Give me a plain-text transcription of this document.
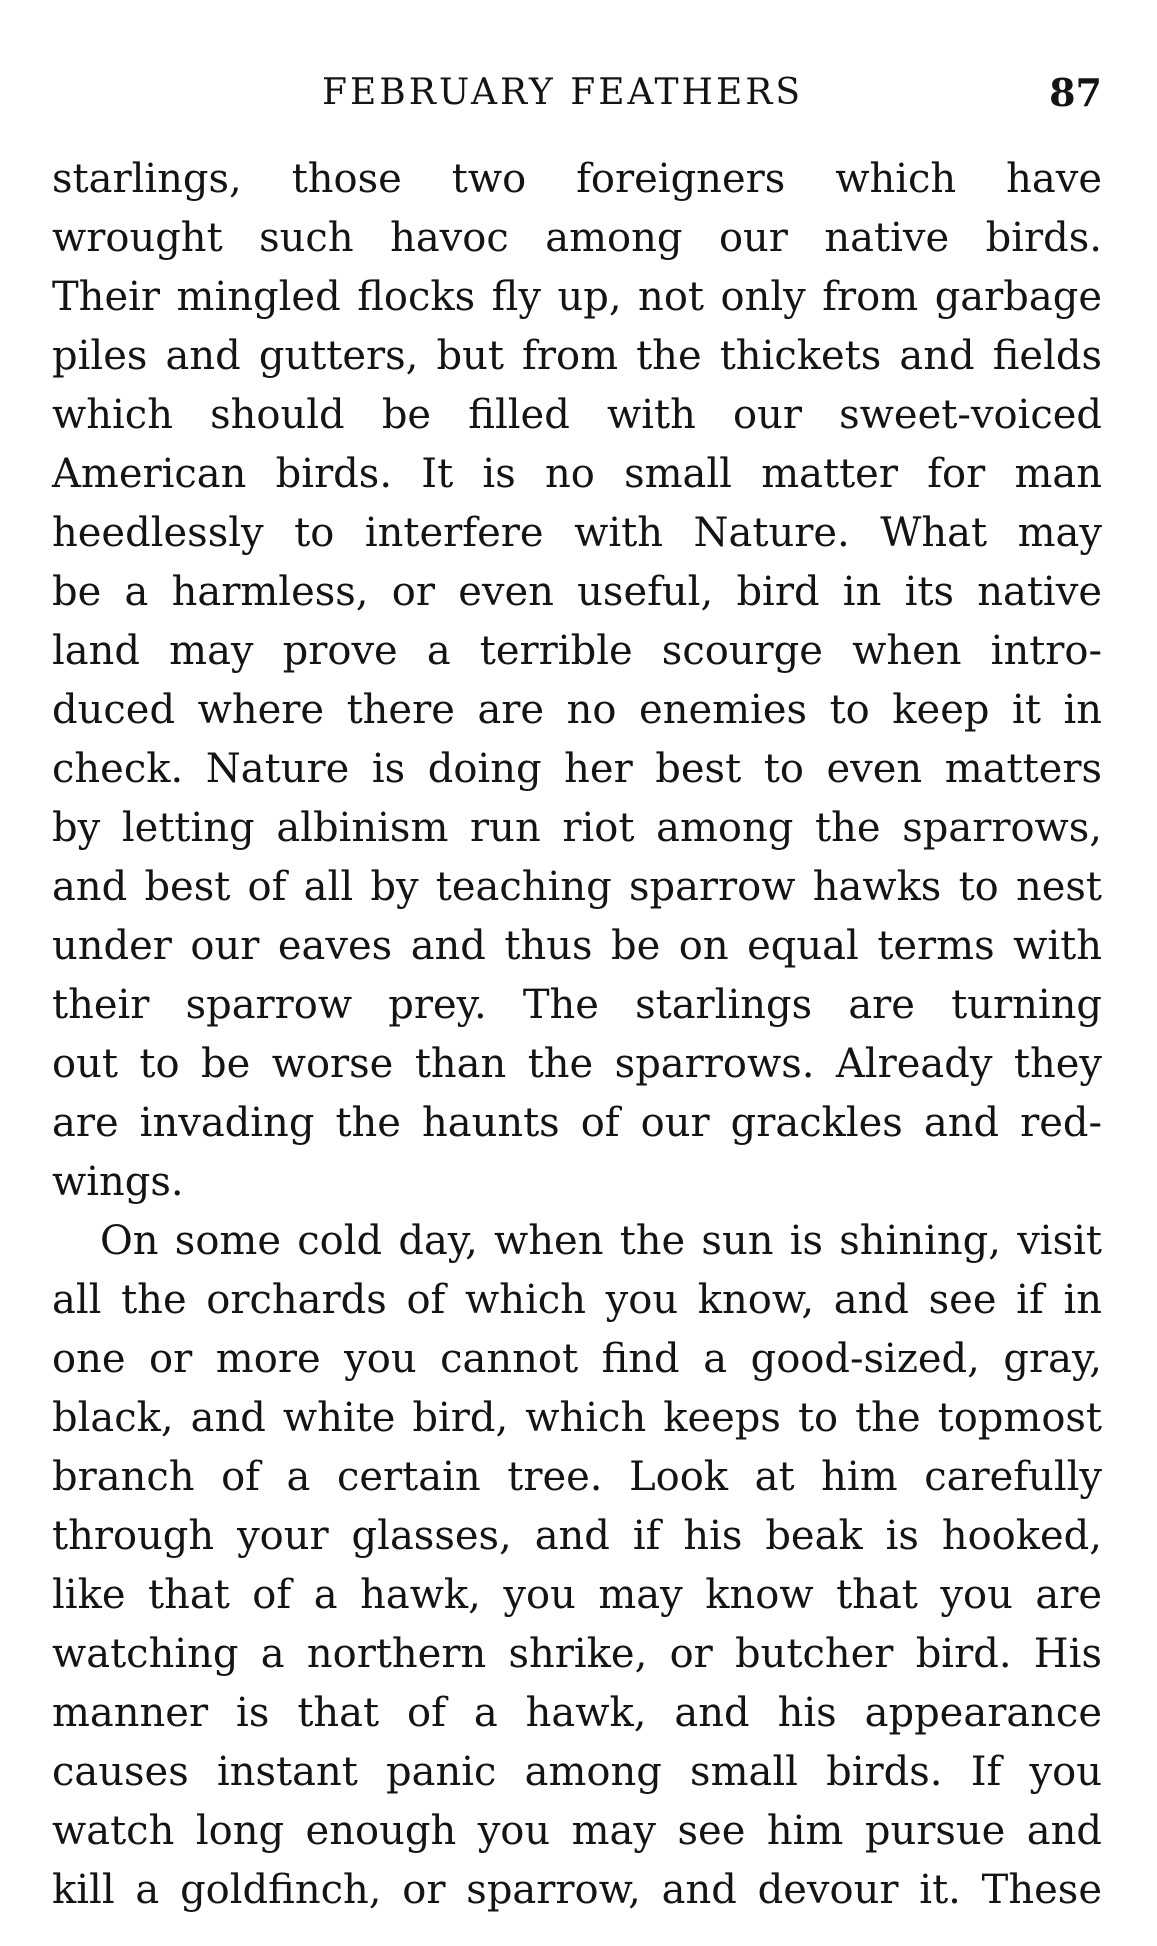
FEBRUARY FEATHERS	87
starlings, those two foreigners which have
wrought such havoc among our native birds.
Their mingled flocks fly up, not only from garbage
piles and gutters, but from the thickets and fields
which should be filled with our sweet-voiced
American birds. It is no small matter for man
heedlessly to interfere with Nature. What may
be a harmless, or even useful, bird in its native
land may prove a terrible scourge when intro-
duced where there are no enemies to keep it in
check. Nature is doing her best to even matters
by letting albinism run riot among the sparrows,
and best of all by teaching sparrow hawks to nest
under our eaves and thus be on equal terms with
their sparrow prey. The starlings are turning
out to be worse than the sparrows. Already they
are invading the haunts of our grackles and red-
wings.
On some cold day, when the sun is shining, visit
all the orchards of which you know, and see if in
one or more you cannot find a good-sized, gray,
black, and white bird, which keeps to the topmost
branch of a certain tree. Look at him carefully
through your glasses, and if his beak is hooked,
like that of a hawk, you may know that you are
watching a northern shrike, or butcher bird. His
manner is that of a hawk, and his appearance
causes instant panic among small birds. If you
watch long enough you may see him pursue and
kill a goldfinch, or sparrow, and devour it. These
